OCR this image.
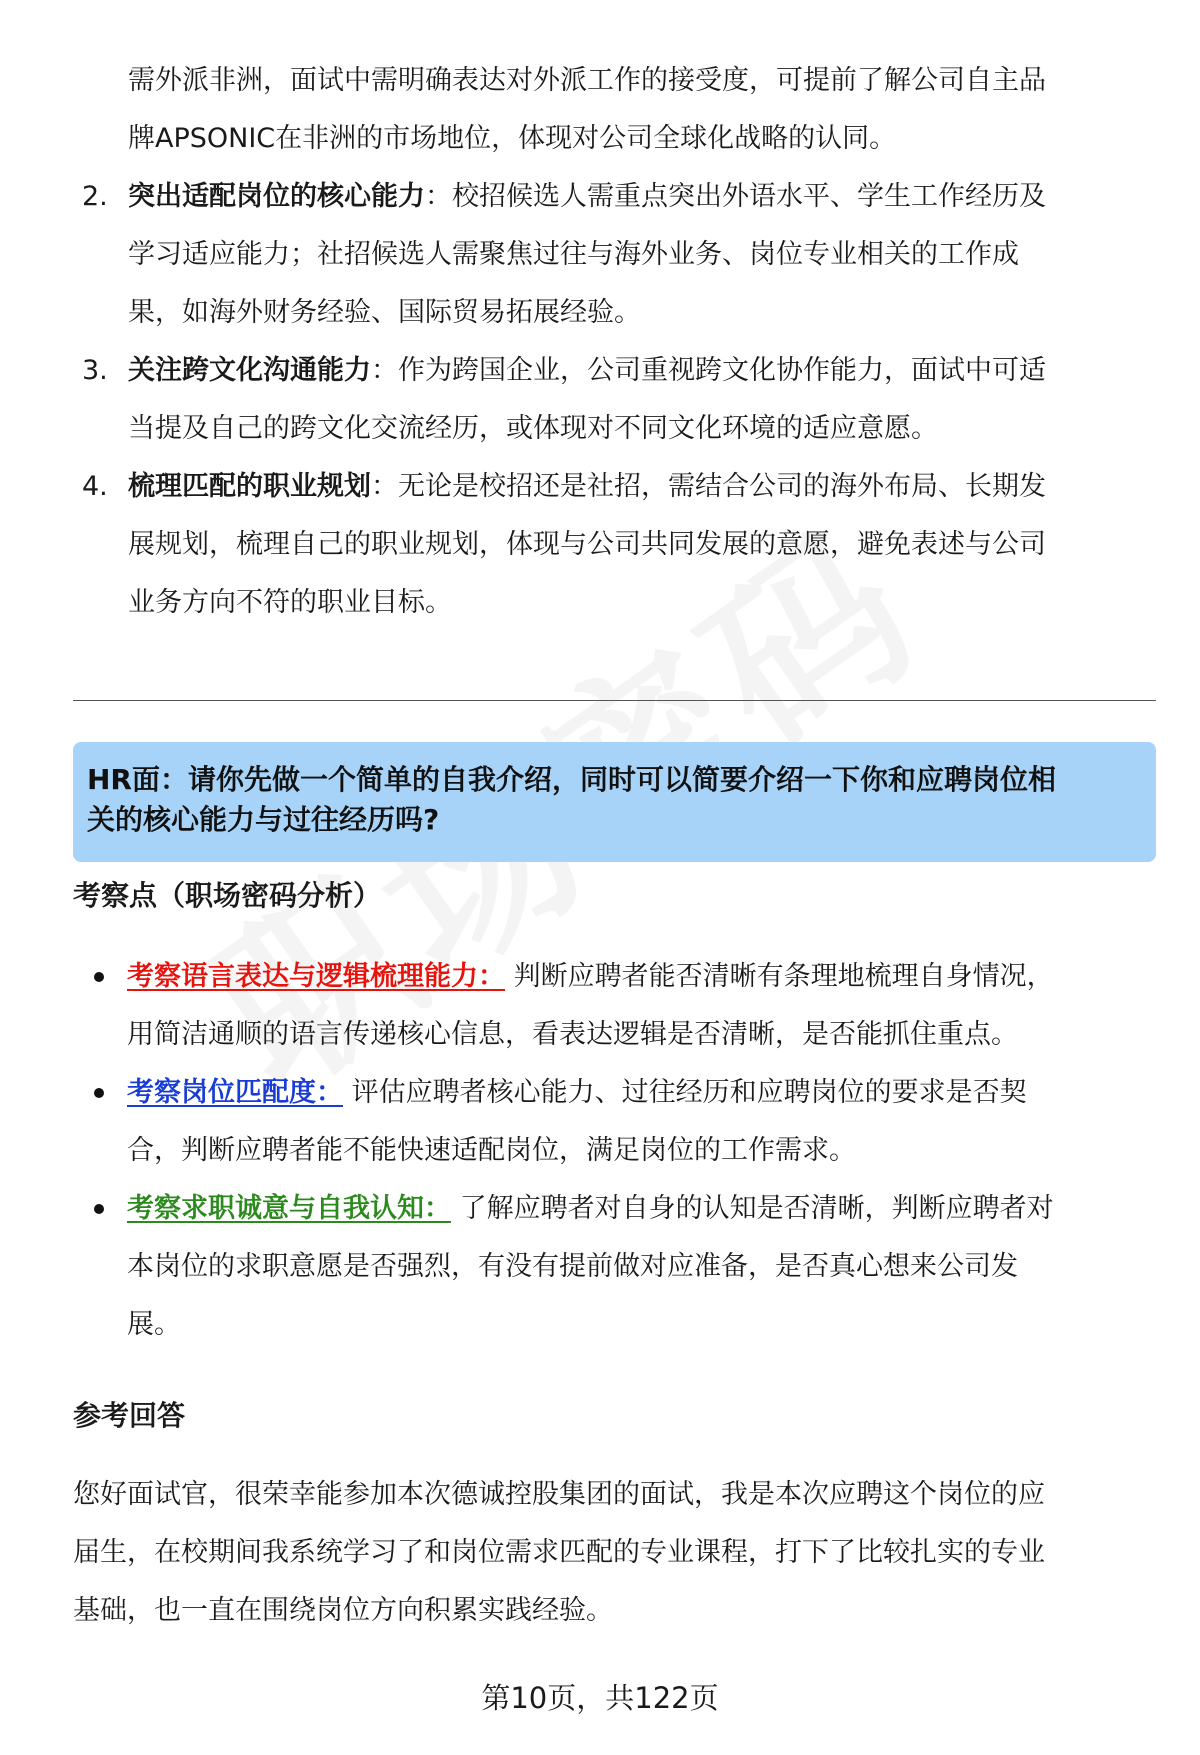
需外派非洲，面试中需明确表达对外派工作的接受度，可提前了解公司自主品
牌APSONIC在非洲的市场地位，体现对公司全球化战略的认同。
2. 突出适配岗位的核心能力：校招候选人需重点突出外语水平、学生工作经历及
学习适应能力；社招候选人需聚焦过往与海外业务、岗位专业相关的工作成
果，如海外财务经验、国际贸易拓展经验。
3. 关注跨文化沟通能力：作为跨国企业，公司重视跨文化协作能力，面试中可适
当提及自己的跨文化交流经历，或体现对不同文化环境的适应意愿。
4. 梳理匹配的职业规划：无论是校招还是社招，需结合公司的海外布局、长期发
展规划，梳理自己的职业规划，体现与公司共同发展的意愿，避免表述与公司
业务方向不符的职业目标。
HR面：请你先做一个简单的自我介绍，同时可以简要介绍一下你和应聘岗位相
关的核心能力与过往经历吗?
考察点（职场密码分析）
考察语言表达与逻辑梳理能力： 判断应聘者能否清晰有条理地梳理自身情况，
用简洁通顺的语言传递核心信息，看表达逻辑是否清晰，是否能抓住重点。
考察岗位匹配度： 评估应聘者核心能力、过往经历和应聘岗位的要求是否契
合，判断应聘者能不能快速适配岗位，满足岗位的工作需求。
考察求职诚意与自我认知： 了解应聘者对自身的认知是否清晰，判断应聘者对
本岗位的求职意愿是否强烈，有没有提前做对应准备，是否真心想来公司发
展。
参考回答
您好面试官，很荣幸能参加本次德诚控股集团的面试，我是本次应聘这个岗位的应
届生，在校期间我系统学习了和岗位需求匹配的专业课程，打下了比较扎实的专业
基础，也一直在围绕岗位方向积累实践经验。
第10页，共122页
